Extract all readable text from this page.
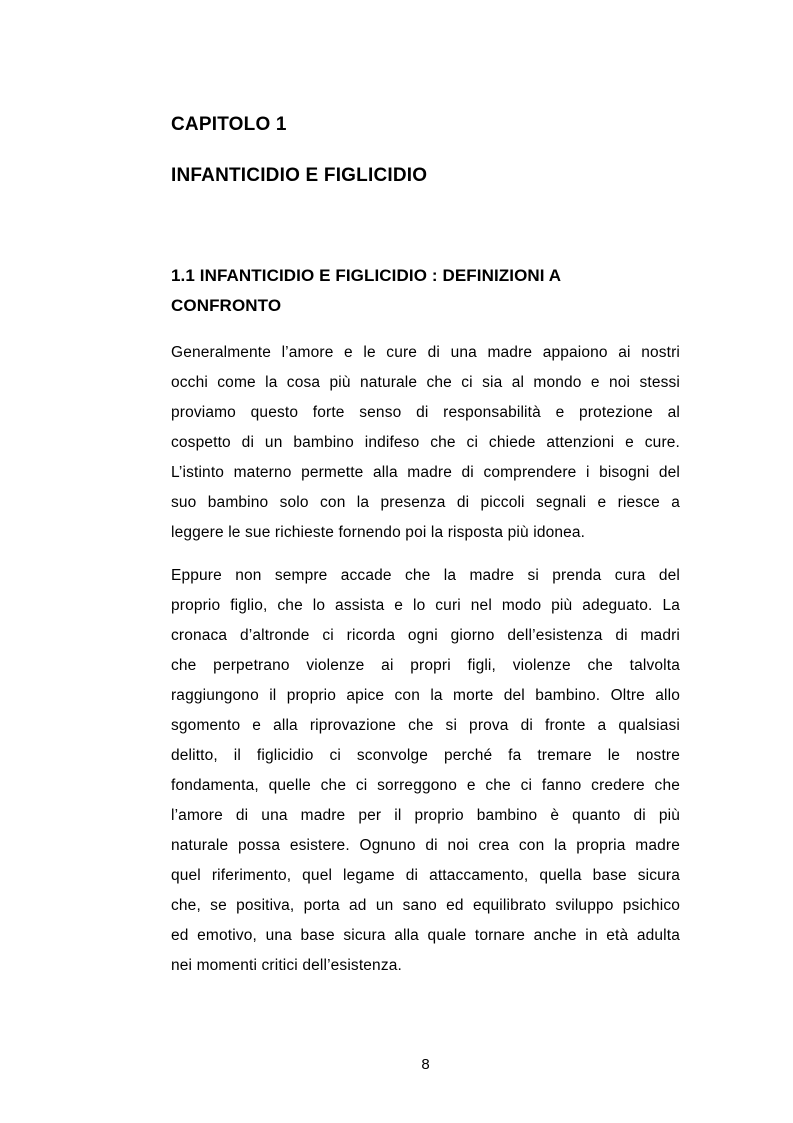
CAPITOLO 1
INFANTICIDIO E FIGLICIDIO
1.1 INFANTICIDIO E FIGLICIDIO : DEFINIZIONI A
CONFRONTO
Generalmente l’amore e le cure di una madre appaiono ai nostri
occhi come la cosa più naturale che ci sia al mondo e noi stessi
proviamo questo forte senso di responsabilità e protezione al
cospetto di un bambino indifeso che ci chiede attenzioni e cure.
L’istinto materno permette alla madre di comprendere i bisogni del
suo bambino solo con la presenza di piccoli segnali e riesce a
leggere le sue richieste fornendo poi la risposta più idonea.
Eppure non sempre accade che la madre si prenda cura del
proprio figlio, che lo assista e lo curi nel modo più adeguato. La
cronaca d’altronde ci ricorda ogni giorno dell’esistenza di madri
che perpetrano violenze ai propri figli, violenze che talvolta
raggiungono il proprio apice con la morte del bambino. Oltre allo
sgomento e alla riprovazione che si prova di fronte a qualsiasi
delitto, il figlicidio ci sconvolge perché fa tremare le nostre
fondamenta, quelle che ci sorreggono e che ci fanno credere che
l’amore di una madre per il proprio bambino è quanto di più
naturale possa esistere. Ognuno di noi crea con la propria madre
quel riferimento, quel legame di attaccamento, quella base sicura
che, se positiva, porta ad un sano ed equilibrato sviluppo psichico
ed emotivo, una base sicura alla quale tornare anche in età adulta
nei momenti critici dell’esistenza.
8
